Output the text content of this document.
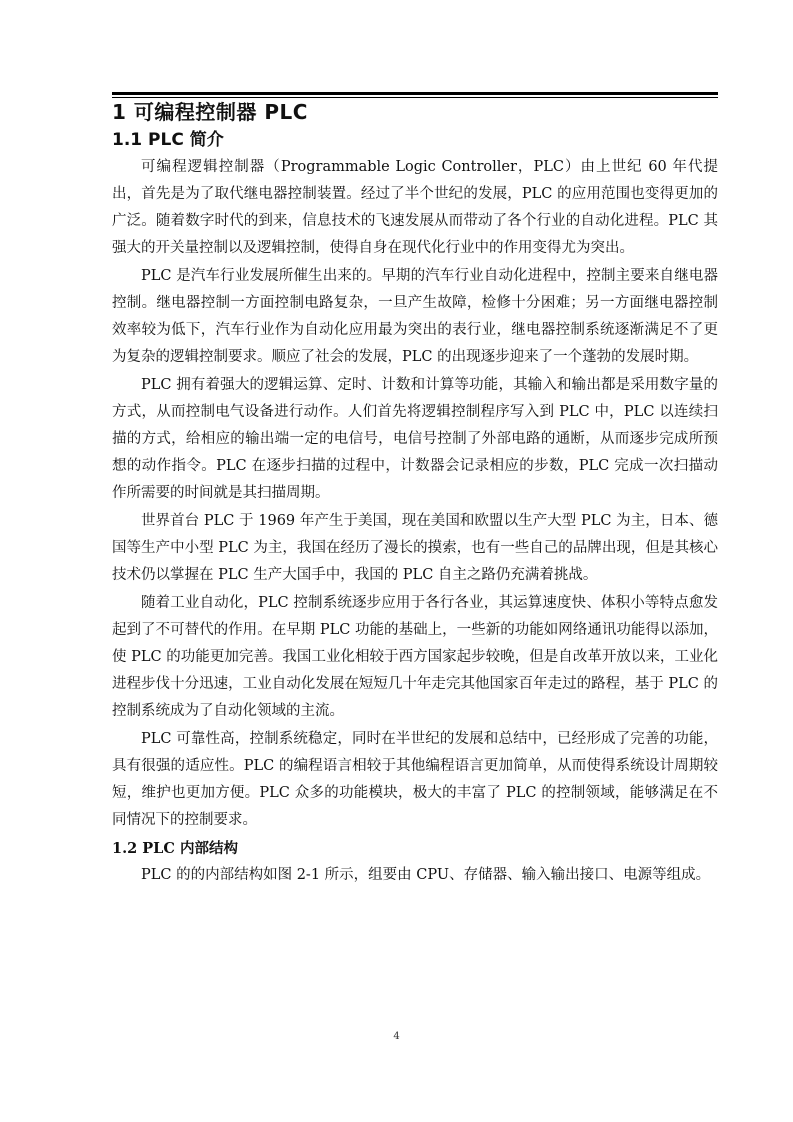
1 可编程控制器 PLC
1.1 PLC 简介

可编程逻辑控制器（Programmable Logic Controller，PLC）由上世纪 60 年代提出，首先是为了取代继电器控制装置。经过了半个世纪的发展，PLC 的应用范围也变得更加的广泛。随着数字时代的到来，信息技术的飞速发展从而带动了各个行业的自动化进程。PLC 其强大的开关量控制以及逻辑控制，使得自身在现代化行业中的作用变得尤为突出。

PLC 是汽车行业发展所催生出来的。早期的汽车行业自动化进程中，控制主要来自继电器控制。继电器控制一方面控制电路复杂，一旦产生故障，检修十分困难；另一方面继电器控制效率较为低下，汽车行业作为自动化应用最为突出的表行业，继电器控制系统逐渐满足不了更为复杂的逻辑控制要求。顺应了社会的发展，PLC 的出现逐步迎来了一个蓬勃的发展时期。

PLC 拥有着强大的逻辑运算、定时、计数和计算等功能，其输入和输出都是采用数字量的方式，从而控制电气设备进行动作。人们首先将逻辑控制程序写入到 PLC 中，PLC 以连续扫描的方式，给相应的输出端一定的电信号，电信号控制了外部电路的通断，从而逐步完成所预想的动作指令。PLC 在逐步扫描的过程中，计数器会记录相应的步数，PLC 完成一次扫描动作所需要的时间就是其扫描周期。

世界首台 PLC 于 1969 年产生于美国，现在美国和欧盟以生产大型 PLC 为主，日本、德国等生产中小型 PLC 为主，我国在经历了漫长的摸索，也有一些自己的品牌出现，但是其核心技术仍以掌握在 PLC 生产大国手中，我国的 PLC 自主之路仍充满着挑战。

随着工业自动化，PLC 控制系统逐步应用于各行各业，其运算速度快、体积小等特点愈发起到了不可替代的作用。在早期 PLC 功能的基础上，一些新的功能如网络通讯功能得以添加，使 PLC 的功能更加完善。我国工业化相较于西方国家起步较晚，但是自改革开放以来，工业化进程步伐十分迅速，工业自动化发展在短短几十年走完其他国家百年走过的路程，基于 PLC 的控制系统成为了自动化领域的主流。

PLC 可靠性高，控制系统稳定，同时在半世纪的发展和总结中，已经形成了完善的功能，具有很强的适应性。PLC 的编程语言相较于其他编程语言更加简单，从而使得系统设计周期较短，维护也更加方便。PLC 众多的功能模块，极大的丰富了 PLC 的控制领域，能够满足在不同情况下的控制要求。

1.2 PLC 内部结构

PLC 的的内部结构如图 2-1 所示，组要由 CPU、存储器、输入输出接口、电源等组成。

4
